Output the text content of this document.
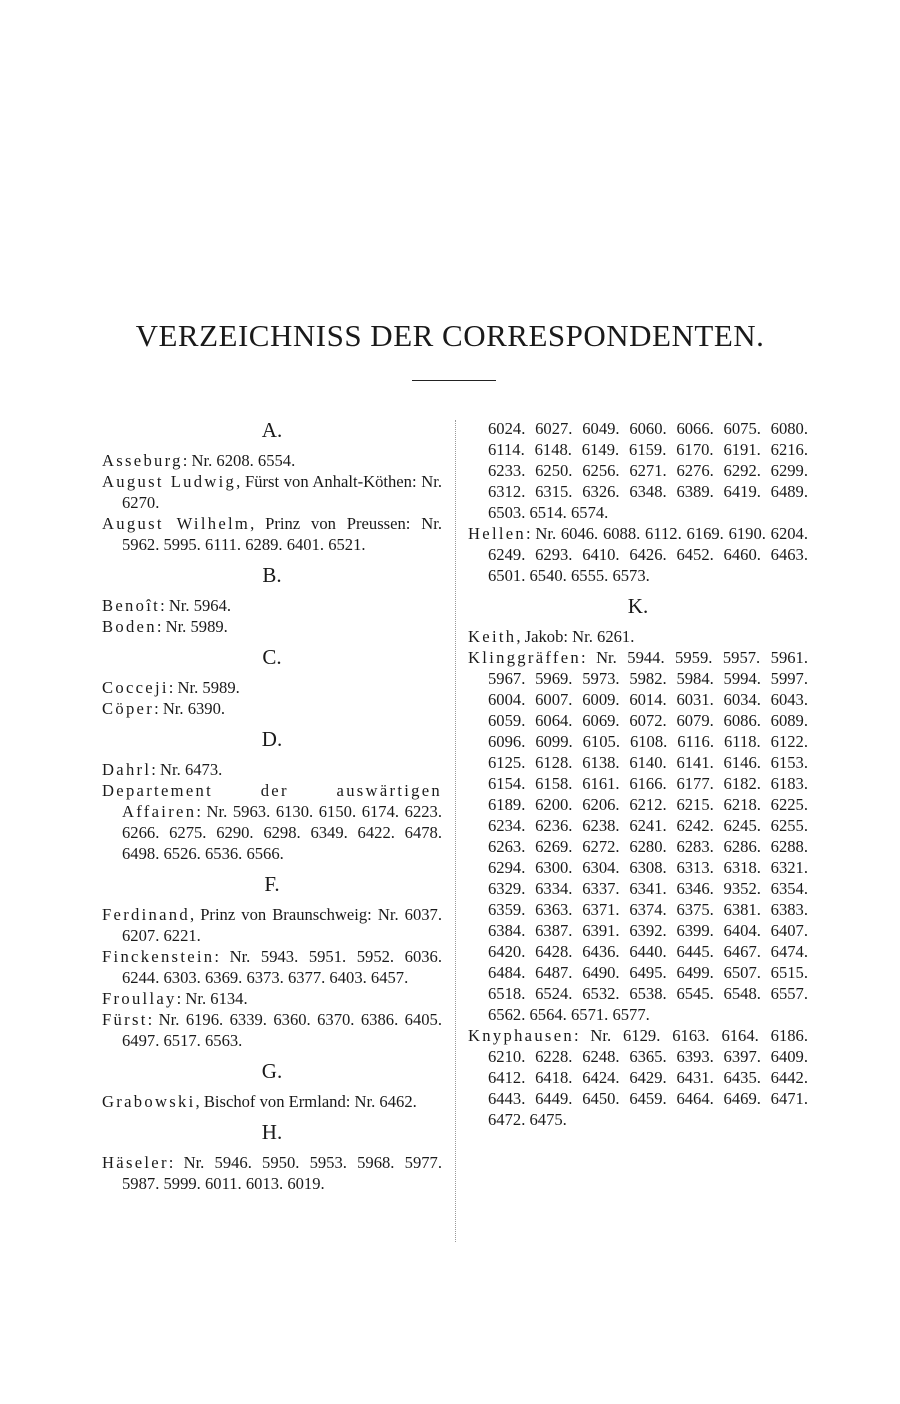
VERZEICHNISS DER CORRESPONDENTEN.
A.

Asseburg: Nr. 6208. 6554.

August Ludwig, Fürst von Anhalt-Köthen: Nr. 6270.

August Wilhelm, Prinz von Preussen: Nr. 5962. 5995. 6111. 6289. 6401. 6521.

B.

Benoît: Nr. 5964.

Boden: Nr. 5989.

C.

Cocceji: Nr. 5989.

Cöper: Nr. 6390.

D.

Dahrl: Nr. 6473.

Departement der auswärtigen Affairen: Nr. 5963. 6130. 6150. 6174. 6223. 6266. 6275. 6290. 6298. 6349. 6422. 6478. 6498. 6526. 6536. 6566.

F.

Ferdinand, Prinz von Braunschweig: Nr. 6037. 6207. 6221.

Finckenstein: Nr. 5943. 5951. 5952. 6036. 6244. 6303. 6369. 6373. 6377. 6403. 6457.

Froullay: Nr. 6134.

Fürst: Nr. 6196. 6339. 6360. 6370. 6386. 6405. 6497. 6517. 6563.

G.

Grabowski, Bischof von Ermland: Nr. 6462.

H.

Häseler: Nr. 5946. 5950. 5953. 5968. 5977. 5987. 5999. 6011. 6013. 6019.

6024. 6027. 6049. 6060. 6066. 6075. 6080. 6114. 6148. 6149. 6159. 6170. 6191. 6216. 6233. 6250. 6256. 6271. 6276. 6292. 6299. 6312. 6315. 6326. 6348. 6389. 6419. 6489. 6503. 6514. 6574.

Hellen: Nr. 6046. 6088. 6112. 6169. 6190. 6204. 6249. 6293. 6410. 6426. 6452. 6460. 6463. 6501. 6540. 6555. 6573.

K.

Keith, Jakob: Nr. 6261.

Klinggräffen: Nr. 5944. 5959. 5957. 5961. 5967. 5969. 5973. 5982. 5984. 5994. 5997. 6004. 6007. 6009. 6014. 6031. 6034. 6043. 6059. 6064. 6069. 6072. 6079. 6086. 6089. 6096. 6099. 6105. 6108. 6116. 6118. 6122. 6125. 6128. 6138. 6140. 6141. 6146. 6153. 6154. 6158. 6161. 6166. 6177. 6182. 6183. 6189. 6200. 6206. 6212. 6215. 6218. 6225. 6234. 6236. 6238. 6241. 6242. 6245. 6255. 6263. 6269. 6272. 6280. 6283. 6286. 6288. 6294. 6300. 6304. 6308. 6313. 6318. 6321. 6329. 6334. 6337. 6341. 6346. 9352. 6354. 6359. 6363. 6371. 6374. 6375. 6381. 6383. 6384. 6387. 6391. 6392. 6399. 6404. 6407. 6420. 6428. 6436. 6440. 6445. 6467. 6474. 6484. 6487. 6490. 6495. 6499. 6507. 6515. 6518. 6524. 6532. 6538. 6545. 6548. 6557. 6562. 6564. 6571. 6577.

Knyphausen: Nr. 6129. 6163. 6164. 6186. 6210. 6228. 6248. 6365. 6393. 6397. 6409. 6412. 6418. 6424. 6429. 6431. 6435. 6442. 6443. 6449. 6450. 6459. 6464. 6469. 6471. 6472. 6475.
